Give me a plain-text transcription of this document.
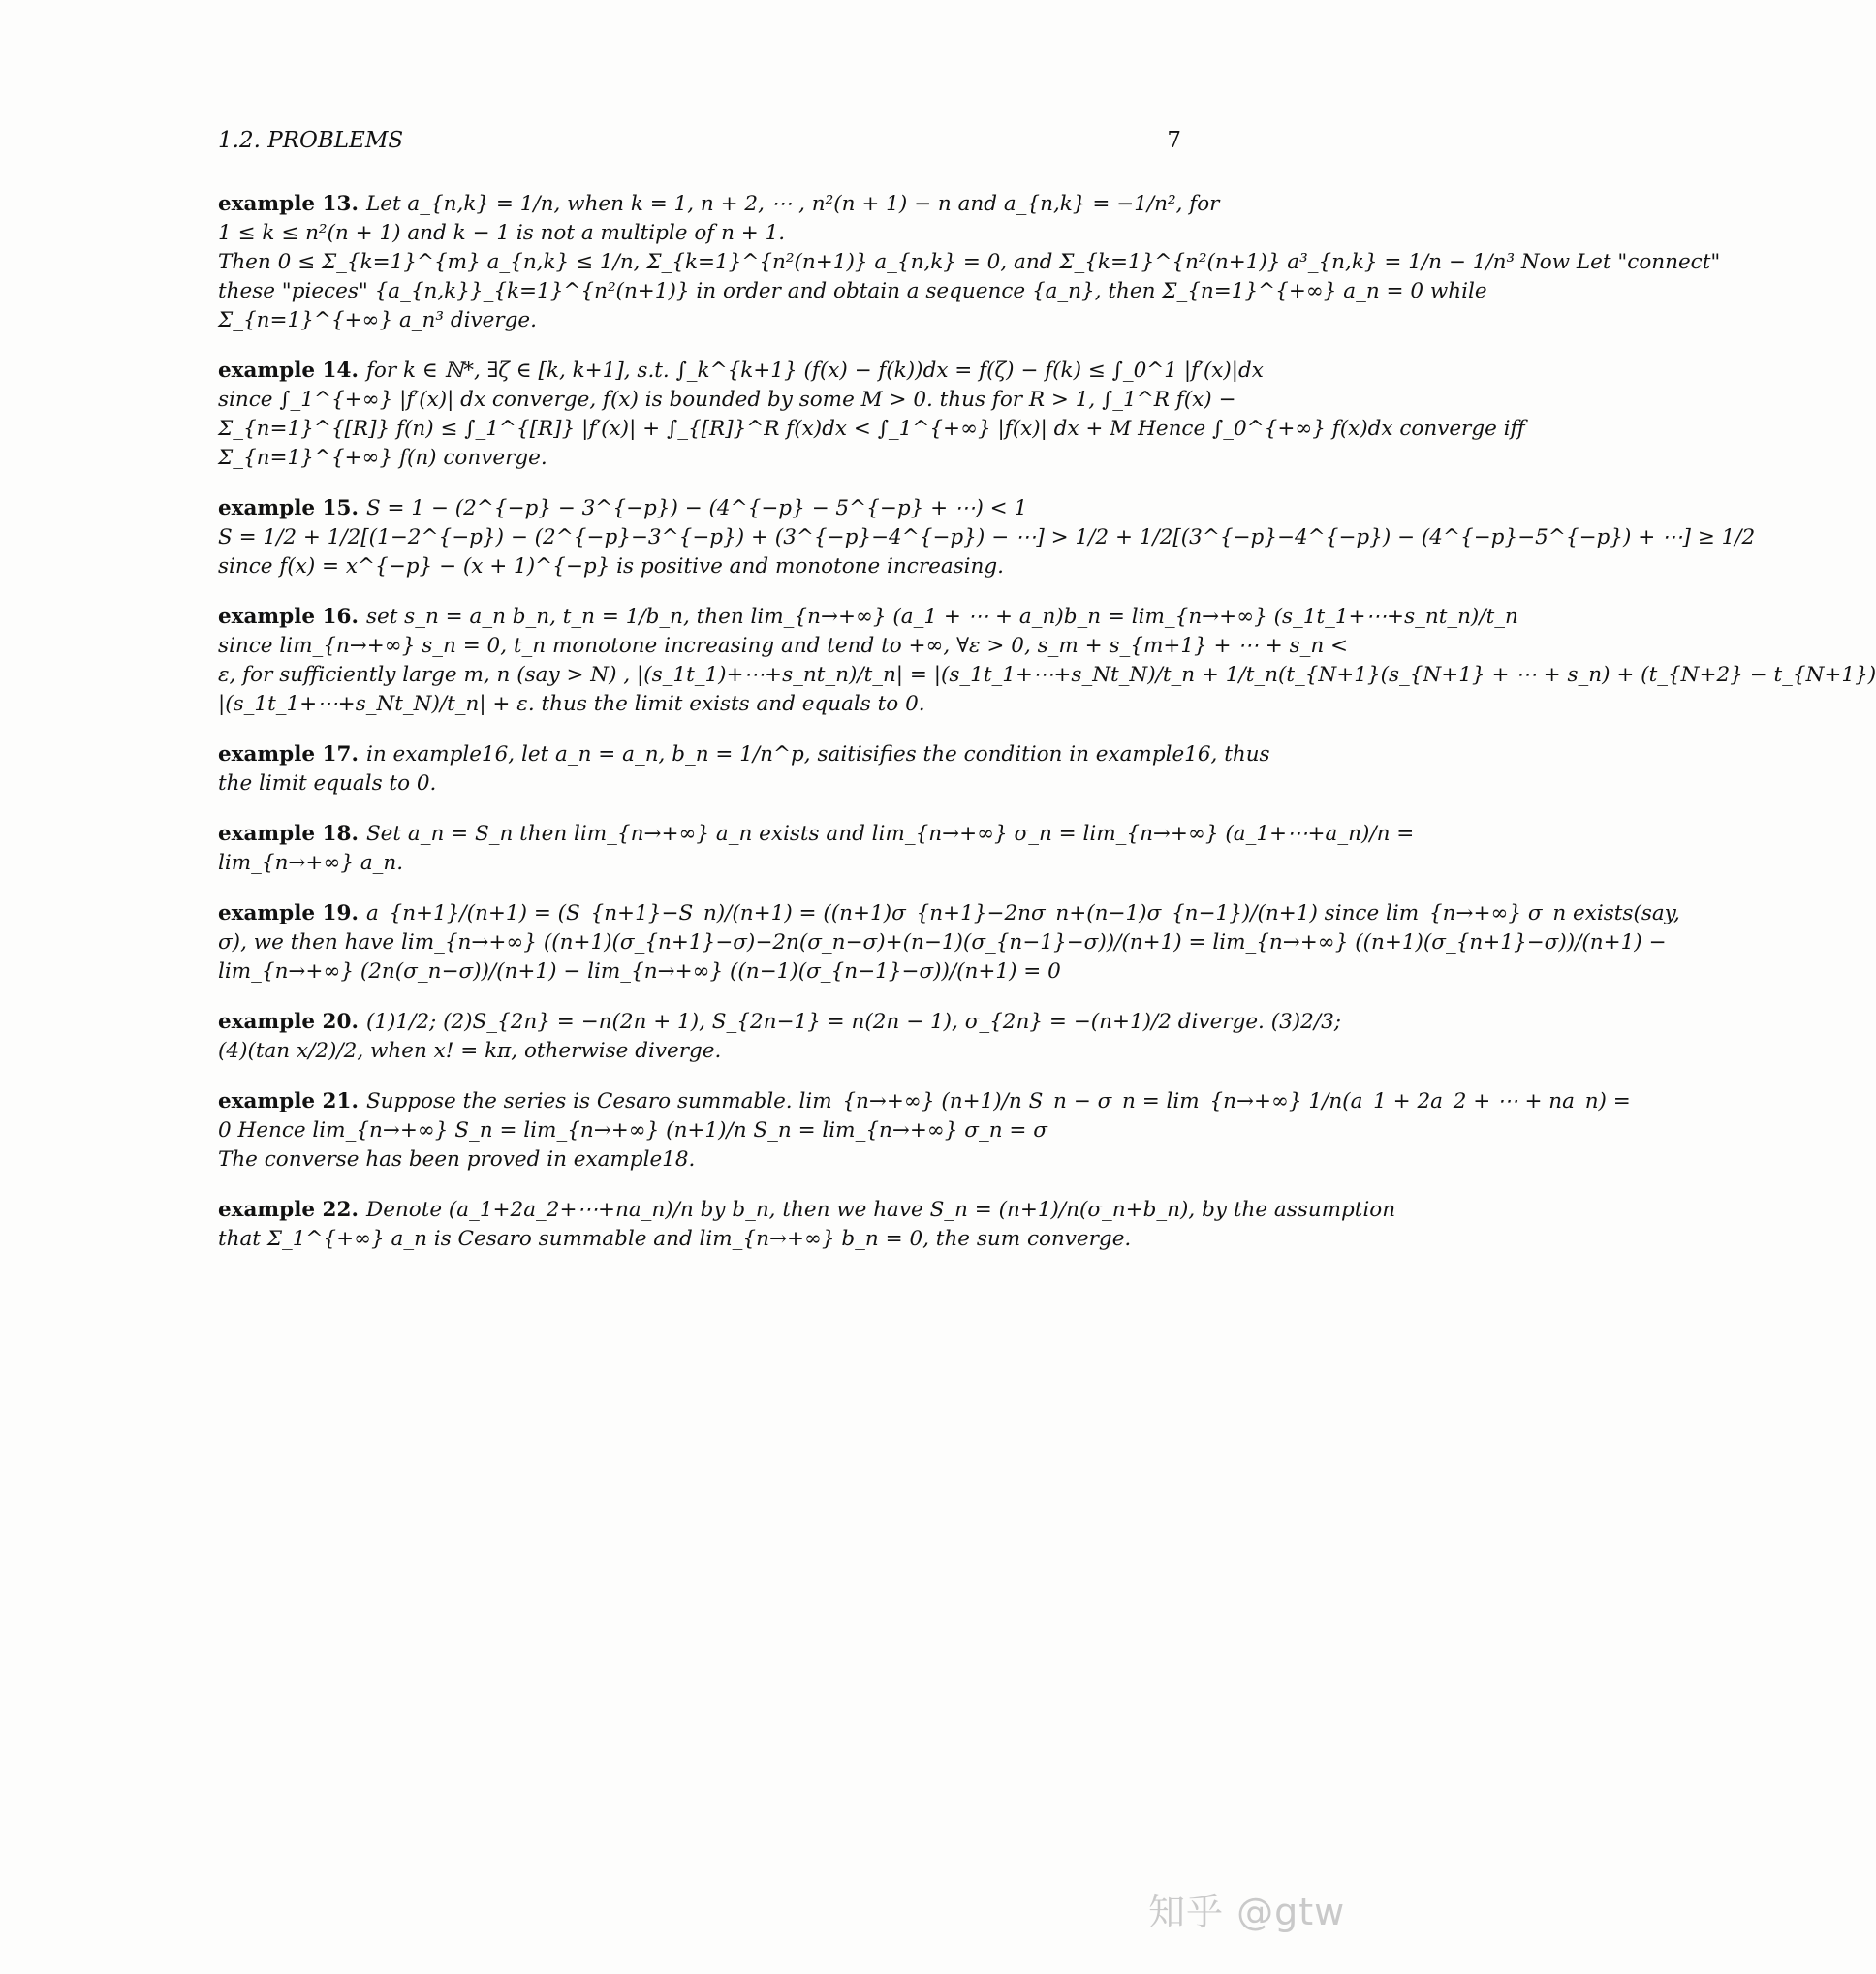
1.2. PROBLEMS	7
example 13. Let a_{n,k} = 1/n, when k = 1, n + 2, ⋯ , n²(n + 1) − n and a_{n,k} = −1/n², for
1 ≤ k ≤ n²(n + 1) and k − 1 is not a multiple of n + 1.
Then 0 ≤ Σ_{k=1}^{m} a_{n,k} ≤ 1/n, Σ_{k=1}^{n²(n+1)} a_{n,k} = 0, and Σ_{k=1}^{n²(n+1)} a³_{n,k} = 1/n − 1/n³ Now Let "connect"
these "pieces" {a_{n,k}}_{k=1}^{n²(n+1)} in order and obtain a sequence {a_n}, then Σ_{n=1}^{+∞} a_n = 0 while
Σ_{n=1}^{+∞} a_n³ diverge.
example 14. for k ∈ ℕ*, ∃ζ ∈ [k, k+1], s.t. ∫_k^{k+1} (f(x) − f(k))dx = f(ζ) − f(k) ≤ ∫_0^1 |f′(x)|dx
since ∫_1^{+∞} |f′(x)| dx converge, f(x) is bounded by some M > 0. thus for R > 1, ∫_1^R f(x) −
Σ_{n=1}^{[R]} f(n) ≤ ∫_1^{[R]} |f′(x)| + ∫_{[R]}^R f(x)dx < ∫_1^{+∞} |f(x)| dx + M Hence ∫_0^{+∞} f(x)dx converge iff
Σ_{n=1}^{+∞} f(n) converge.
example 15. S = 1 − (2^{−p} − 3^{−p}) − (4^{−p} − 5^{−p} + ⋯) < 1
S = 1/2 + 1/2[(1−2^{−p}) − (2^{−p}−3^{−p}) + (3^{−p}−4^{−p}) − ⋯] > 1/2 + 1/2[(3^{−p}−4^{−p}) − (4^{−p}−5^{−p}) + ⋯] ≥ 1/2
since f(x) = x^{−p} − (x + 1)^{−p} is positive and monotone increasing.
example 16. set s_n = a_n b_n, t_n = 1/b_n, then lim_{n→+∞} (a_1 + ⋯ + a_n)b_n = lim_{n→+∞} (s_1t_1+⋯+s_nt_n)/t_n
since lim_{n→+∞} s_n = 0, t_n monotone increasing and tend to +∞, ∀ε > 0, s_m + s_{m+1} + ⋯ + s_n <
ε, for sufficiently large m, n (say > N) , |(s_1t_1)+⋯+s_nt_n)/t_n| = |(s_1t_1+⋯+s_Nt_N)/t_n + 1/t_n(t_{N+1}(s_{N+1} + ⋯ + s_n) + (t_{N+2} − t_{N+1})
|(s_1t_1+⋯+s_Nt_N)/t_n| + ε. thus the limit exists and equals to 0.
example 17. in example16, let a_n = a_n, b_n = 1/n^p, saitisifies the condition in example16, thus
the limit equals to 0.
example 18. Set a_n = S_n then lim_{n→+∞} a_n exists and lim_{n→+∞} σ_n = lim_{n→+∞} (a_1+⋯+a_n)/n =
lim_{n→+∞} a_n.
example 19. a_{n+1}/(n+1) = (S_{n+1}−S_n)/(n+1) = ((n+1)σ_{n+1}−2nσ_n+(n−1)σ_{n−1})/(n+1) since lim_{n→+∞} σ_n exists(say,
σ), we then have lim_{n→+∞} ((n+1)(σ_{n+1}−σ)−2n(σ_n−σ)+(n−1)(σ_{n−1}−σ))/(n+1) = lim_{n→+∞} ((n+1)(σ_{n+1}−σ))/(n+1) −
lim_{n→+∞} (2n(σ_n−σ))/(n+1) − lim_{n→+∞} ((n−1)(σ_{n−1}−σ))/(n+1) = 0
example 20. (1)1/2; (2)S_{2n} = −n(2n + 1), S_{2n−1} = n(2n − 1), σ_{2n} = −(n+1)/2 diverge. (3)2/3;
(4)(tan x/2)/2, when x! = kπ, otherwise diverge.
example 21. Suppose the series is Cesaro summable. lim_{n→+∞} (n+1)/n S_n − σ_n = lim_{n→+∞} 1/n(a_1 + 2a_2 + ⋯ + na_n) =
0 Hence lim_{n→+∞} S_n = lim_{n→+∞} (n+1)/n S_n = lim_{n→+∞} σ_n = σ
The converse has been proved in example18.
example 22. Denote (a_1+2a_2+⋯+na_n)/n by b_n, then we have S_n = (n+1)/n(σ_n+b_n), by the assumption
that Σ_1^{+∞} a_n is Cesaro summable and lim_{n→+∞} b_n = 0, the sum converge.
知乎 @gtw
